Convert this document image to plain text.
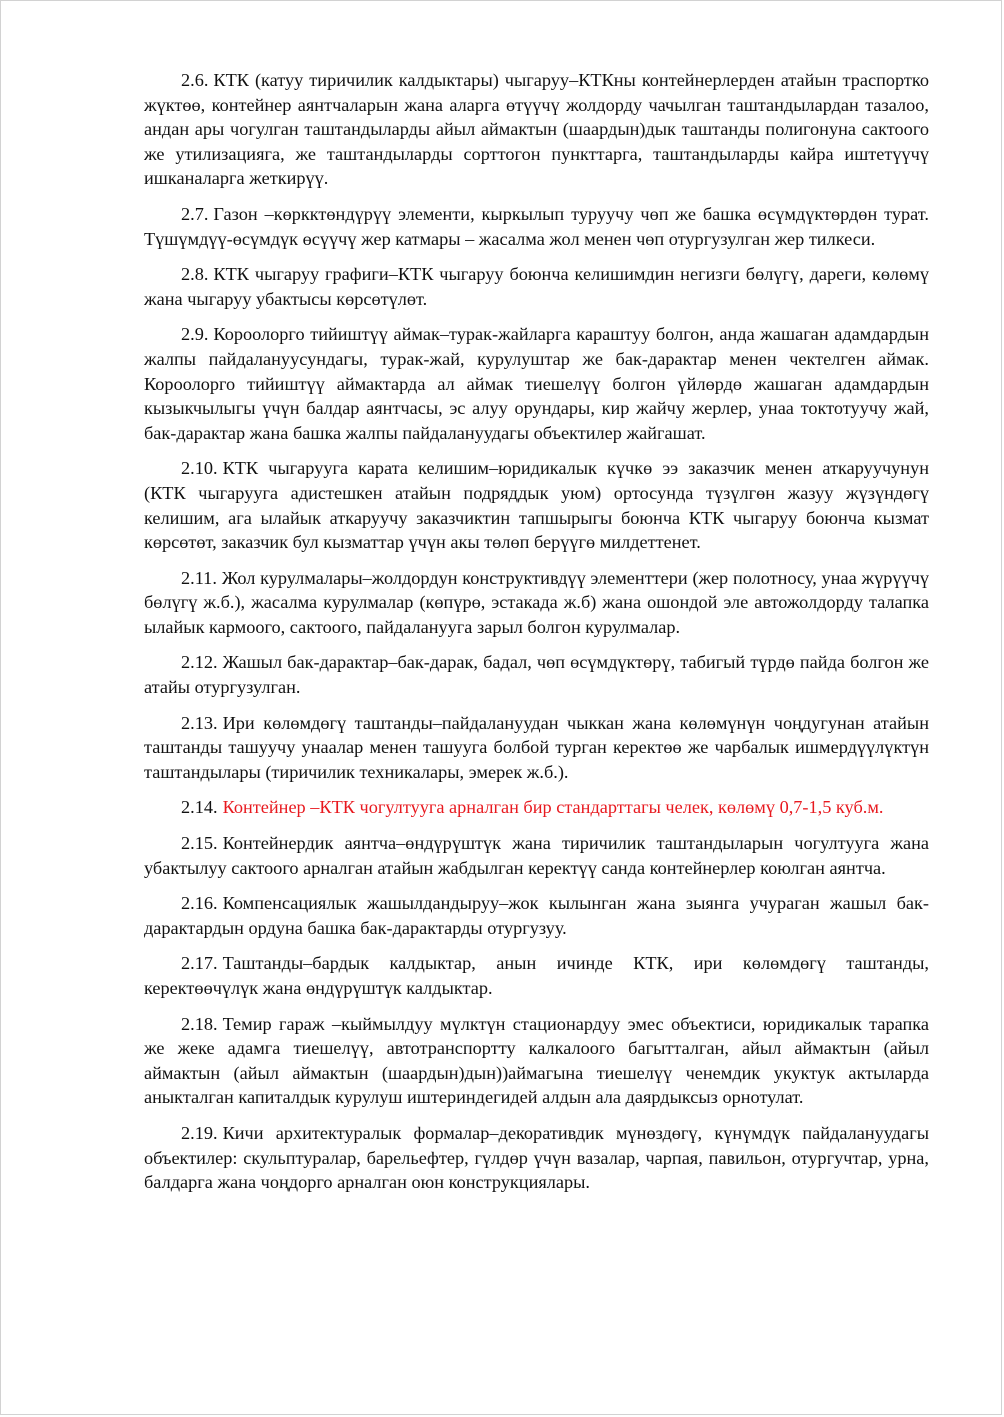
2.6. КТК (катуу тиричилик калдыктары) чыгаруу–КТКны контейнерлерден атайын траспортко жүктөө, контейнер аянтчаларын жана аларга өтүүчү жолдорду чачылган таштандылардан тазалоо, андан ары чогулган таштандыларды айыл аймактын (шаардын)дык таштанды полигонуна сактоого же утилизацияга, же таштандыларды сорттогон пункттарга, таштандыларды кайра иштетүүчү ишканаларга жеткирүү.

2.7. Газон –көркктөндүрүү элементи, кыркылып туруучу чөп же башка өсүмдүктөрдөн турат. Түшүмдүү-өсүмдүк өсүүчү жер катмары – жасалма жол менен чөп отургузулган жер тилкеси.

2.8. КТК чыгаруу графиги–КТК чыгаруу боюнча келишимдин негизги бөлүгү, дареги, көлөмү жана чыгаруу убактысы көрсөтүлөт.

2.9. Короолорго тийиштүү аймак–турак-жайларга караштуу болгон, анда жашаган адамдардын жалпы пайдалануусундагы, турак-жай, курулуштар же бак-дарактар менен чектелген аймак. Короолорго тийиштүү аймактарда ал аймак тиешелүү болгон үйлөрдө жашаган адамдардын кызыкчылыгы үчүн балдар аянтчасы, эс алуу орундары, кир жайчу жерлер, унаа токтотуучу жай, бак-дарактар жана башка жалпы пайдалануудагы объектилер жайгашат.

2.10. КТК чыгарууга карата келишим–юридикалык күчкө ээ заказчик менен аткаруучунун (КТК чыгарууга адистешкен атайын подряддык уюм) ортосунда түзүлгөн жазуу жүзүндөгү келишим, ага ылайык аткаруучу заказчиктин тапшырыгы боюнча КТК чыгаруу боюнча кызмат көрсөтөт, заказчик бул кызматтар үчүн акы төлөп берүүгө милдеттенет.

2.11. Жол курулмалары–жолдордун конструктивдүү элементтери (жер полотносу, унаа жүрүүчү бөлүгү ж.б.), жасалма курулмалар (көпүрө, эстакада ж.б) жана ошондой эле автожолдорду талапка ылайык кармоого, сактоого, пайдаланууга зарыл болгон курулмалар.

2.12. Жашыл бак-дарактар–бак-дарак, бадал, чөп өсүмдүктөрү, табигый түрдө пайда болгон же атайы отургузулган.

2.13. Ири көлөмдөгү таштанды–пайдалануудан чыккан жана көлөмүнүн чоңдугунан атайын таштанды ташуучу унаалар менен ташууга болбой турган керектөө же чарбалык ишмердүүлүктүн таштандылары (тиричилик техникалары, эмерек ж.б.).

2.14. Контейнер –КТК чогултууга арналган бир стандарттагы челек, көлөмү 0,7-1,5 куб.м.

2.15. Контейнердик аянтча–өндүрүштүк жана тиричилик таштандыларын чогултууга жана убактылуу сактоого арналган атайын жабдылган керектүү санда контейнерлер коюлган аянтча.

2.16. Компенсациялык жашылдандыруу–жок кылынган жана зыянга учураган жашыл бак-дарактардын ордуна башка бак-дарактарды отургузуу.

2.17. Таштанды–бардык калдыктар, анын ичинде КТК, ири көлөмдөгү таштанды, керектөөчүлүк жана өндүрүштүк калдыктар.

2.18. Темир гараж –кыймылдуу мүлктүн стационардуу эмес объектиси, юридикалык тарапка же жеке адамга тиешелүү, автотранспортту калкалоого багытталган, айыл аймактын (айыл аймактын (айыл аймактын (шаардын)дын))аймагына тиешелүү ченемдик укуктук актыларда аныкталган капиталдык курулуш иштериндегидей алдын ала даярдыксыз орнотулат.

2.19. Кичи архитектуралык формалар–декоративдик мүнөздөгү, күнүмдүк пайдалануудагы объектилер: скульптуралар, барельефтер, гүлдөр үчүн вазалар, чарпая, павильон, отургучтар, урна, балдарга жана чоңдорго арналган оюн конструкциялары.
